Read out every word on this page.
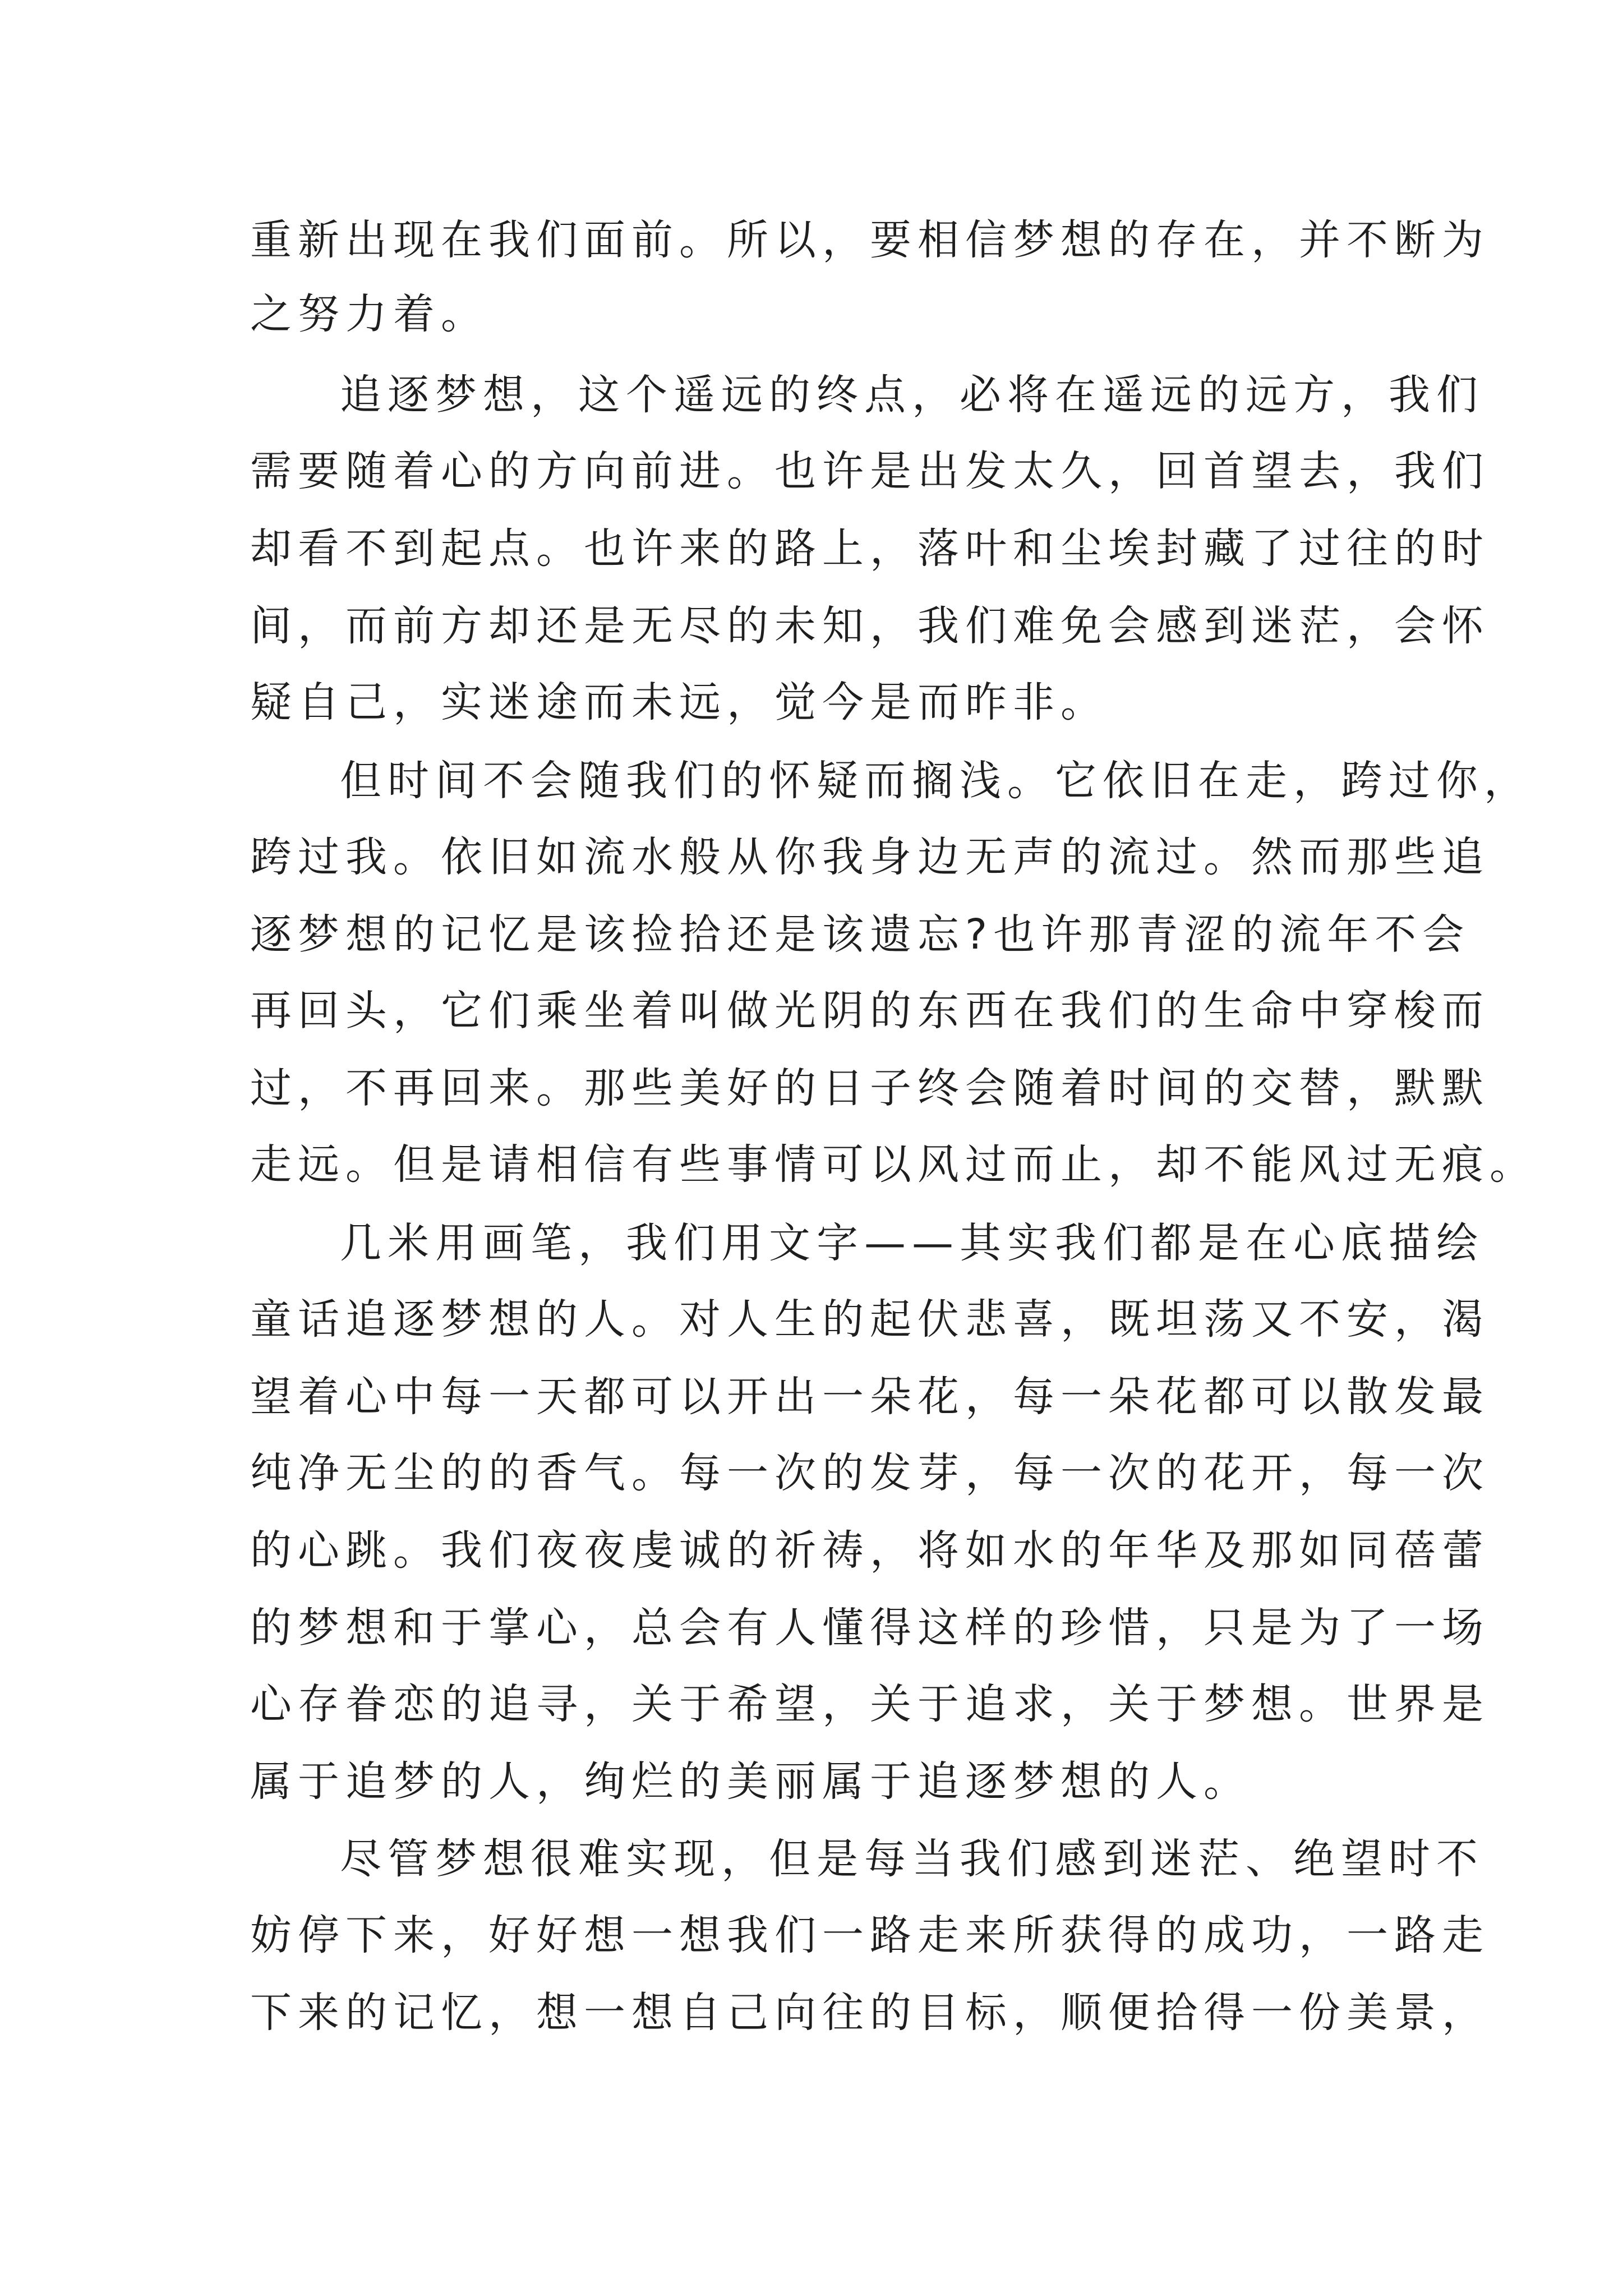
重新出现在我们面前。所以，要相信梦想的存在，并不断为
之努力着。
追逐梦想，这个遥远的终点，必将在遥远的远方，我们
需要随着心的方向前进。也许是出发太久，回首望去，我们
却看不到起点。也许来的路上，落叶和尘埃封藏了过往的时
间，而前方却还是无尽的未知，我们难免会感到迷茫，会怀
疑自己，实迷途而未远，觉今是而昨非。
但时间不会随我们的怀疑而搁浅。它依旧在走，跨过你，
跨过我。依旧如流水般从你我身边无声的流过。然而那些追
逐梦想的记忆是该捡拾还是该遗忘?也许那青涩的流年不会
再回头，它们乘坐着叫做光阴的东西在我们的生命中穿梭而
过，不再回来。那些美好的日子终会随着时间的交替，默默
走远。但是请相信有些事情可以风过而止，却不能风过无痕。
几米用画笔，我们用文字——其实我们都是在心底描绘
童话追逐梦想的人。对人生的起伏悲喜，既坦荡又不安，渴
望着心中每一天都可以开出一朵花，每一朵花都可以散发最
纯净无尘的的香气。每一次的发芽，每一次的花开，每一次
的心跳。我们夜夜虔诚的祈祷，将如水的年华及那如同蓓蕾
的梦想和于掌心，总会有人懂得这样的珍惜，只是为了一场
心存眷恋的追寻，关于希望，关于追求，关于梦想。世界是
属于追梦的人，绚烂的美丽属于追逐梦想的人。
尽管梦想很难实现，但是每当我们感到迷茫、绝望时不
妨停下来，好好想一想我们一路走来所获得的成功，一路走
下来的记忆，想一想自己向往的目标，顺便拾得一份美景，
